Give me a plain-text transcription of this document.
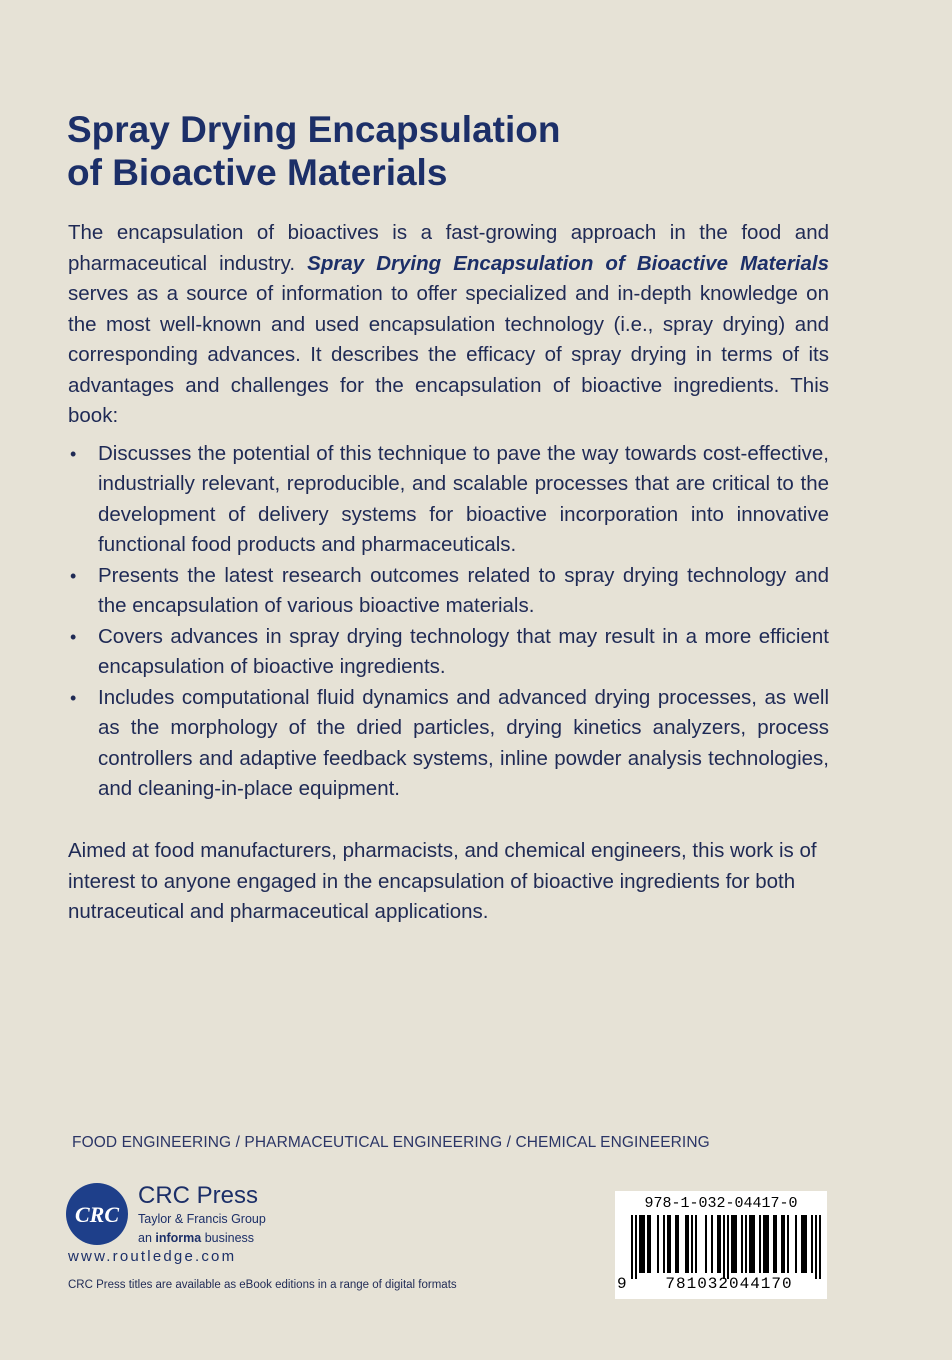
Spray Drying Encapsulation
of Bioactive Materials

The encapsulation of bioactives is a fast-growing approach in the food and pharmaceutical industry. Spray Drying Encapsulation of Bioactive Materials serves as a source of information to offer specialized and in-depth knowledge on the most well-known and used encapsulation technology (i.e., spray drying) and corresponding advances. It describes the efficacy of spray drying in terms of its advantages and challenges for the encapsulation of bioactive ingredients. This book:

• Discusses the potential of this technique to pave the way towards cost-effective, industrially relevant, reproducible, and scalable processes that are critical to the development of delivery systems for bioactive incorporation into innovative functional food products and pharmaceuticals.
• Presents the latest research outcomes related to spray drying technology and the encapsulation of various bioactive materials.
• Covers advances in spray drying technology that may result in a more efficient encapsulation of bioactive ingredients.
• Includes computational fluid dynamics and advanced drying processes, as well as the morphology of the dried particles, drying kinetics analyzers, process controllers and adaptive feedback systems, inline powder analysis technologies, and cleaning-in-place equipment.

Aimed at food manufacturers, pharmacists, and chemical engineers, this work is of interest to anyone engaged in the encapsulation of bioactive ingredients for both nutraceutical and pharmaceutical applications.

FOOD ENGINEERING / PHARMACEUTICAL ENGINEERING / CHEMICAL ENGINEERING
CRC
CRC Press
Taylor & Francis Group
an informa business
www.routledge.com
CRC Press titles are available as eBook editions in a range of digital formats
978-1-032-04417-0
9	781032044170
